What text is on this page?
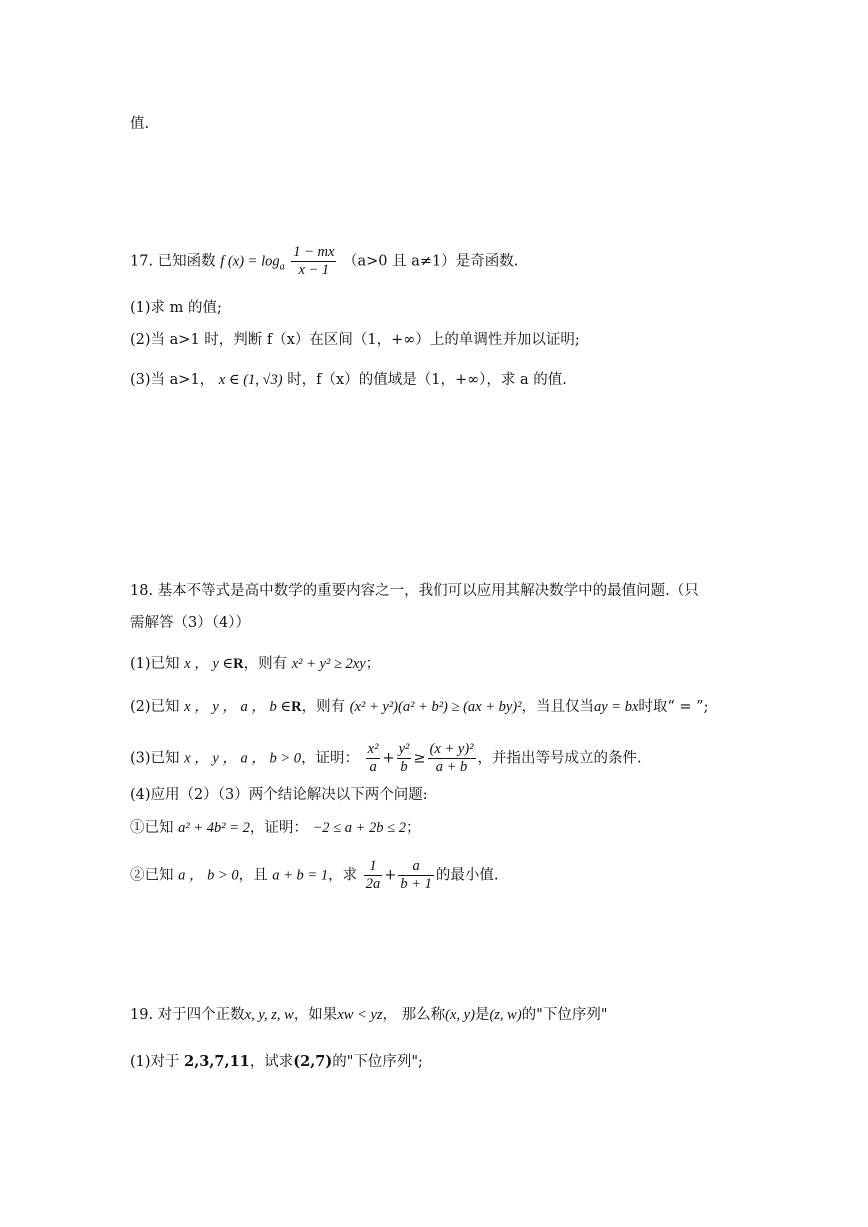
值.
17. 已知函数 f $(x) = \log_a \frac{1 - mx}{x - 1} (a>0$ 且 a≠1）是奇函数.
(1)求 m 的值;
(2)当 a>1 时，判断 f（x）在区间（1，+∞）上的单调性并加以证明;
(3)当 a>1， x ∈ (1, √3) 时，f（x）的值域是（1，+∞），求 a 的值.
18. 基本不等式是高中数学的重要内容之一，我们可以应用其解决数学中的最值问题.（只
需解答（3）（4））
(1)已知 x ， y ∈R，则有 x² + y² ≥ 2xy；
(2)已知 x ， y ， a ， b ∈R，则有 (x² + y²)(a² + b²) ≥ (ax + by)²，当且仅当ay = bx时取“ = ”;
(3)已知 x ， y ， a ， b > 0，证明： $\frac{\text{x²}}{a} + \frac{\text{y²}}{b} \ge \frac{\text{(x + y)²}}{a + b}$ ，并指出等号成立的条件.
(4)应用（2）（3）两个结论解决以下两个问题:
①已知 a² + 4b² = 2，证明： −2 ≤ a + 2b ≤ 2；
②已知 a ， b > 0，且 a + b = 1，求 $\frac{1}{2a} + \frac{a}{b + 1}$ 的最小值.
19. 对于四个正数x, y, z, w，如果xw < yz， 那么称(x, y)是(z, w)的"下位序列"
(1)对于 2,3,7,11，试求(2,7)的"下位序列";
